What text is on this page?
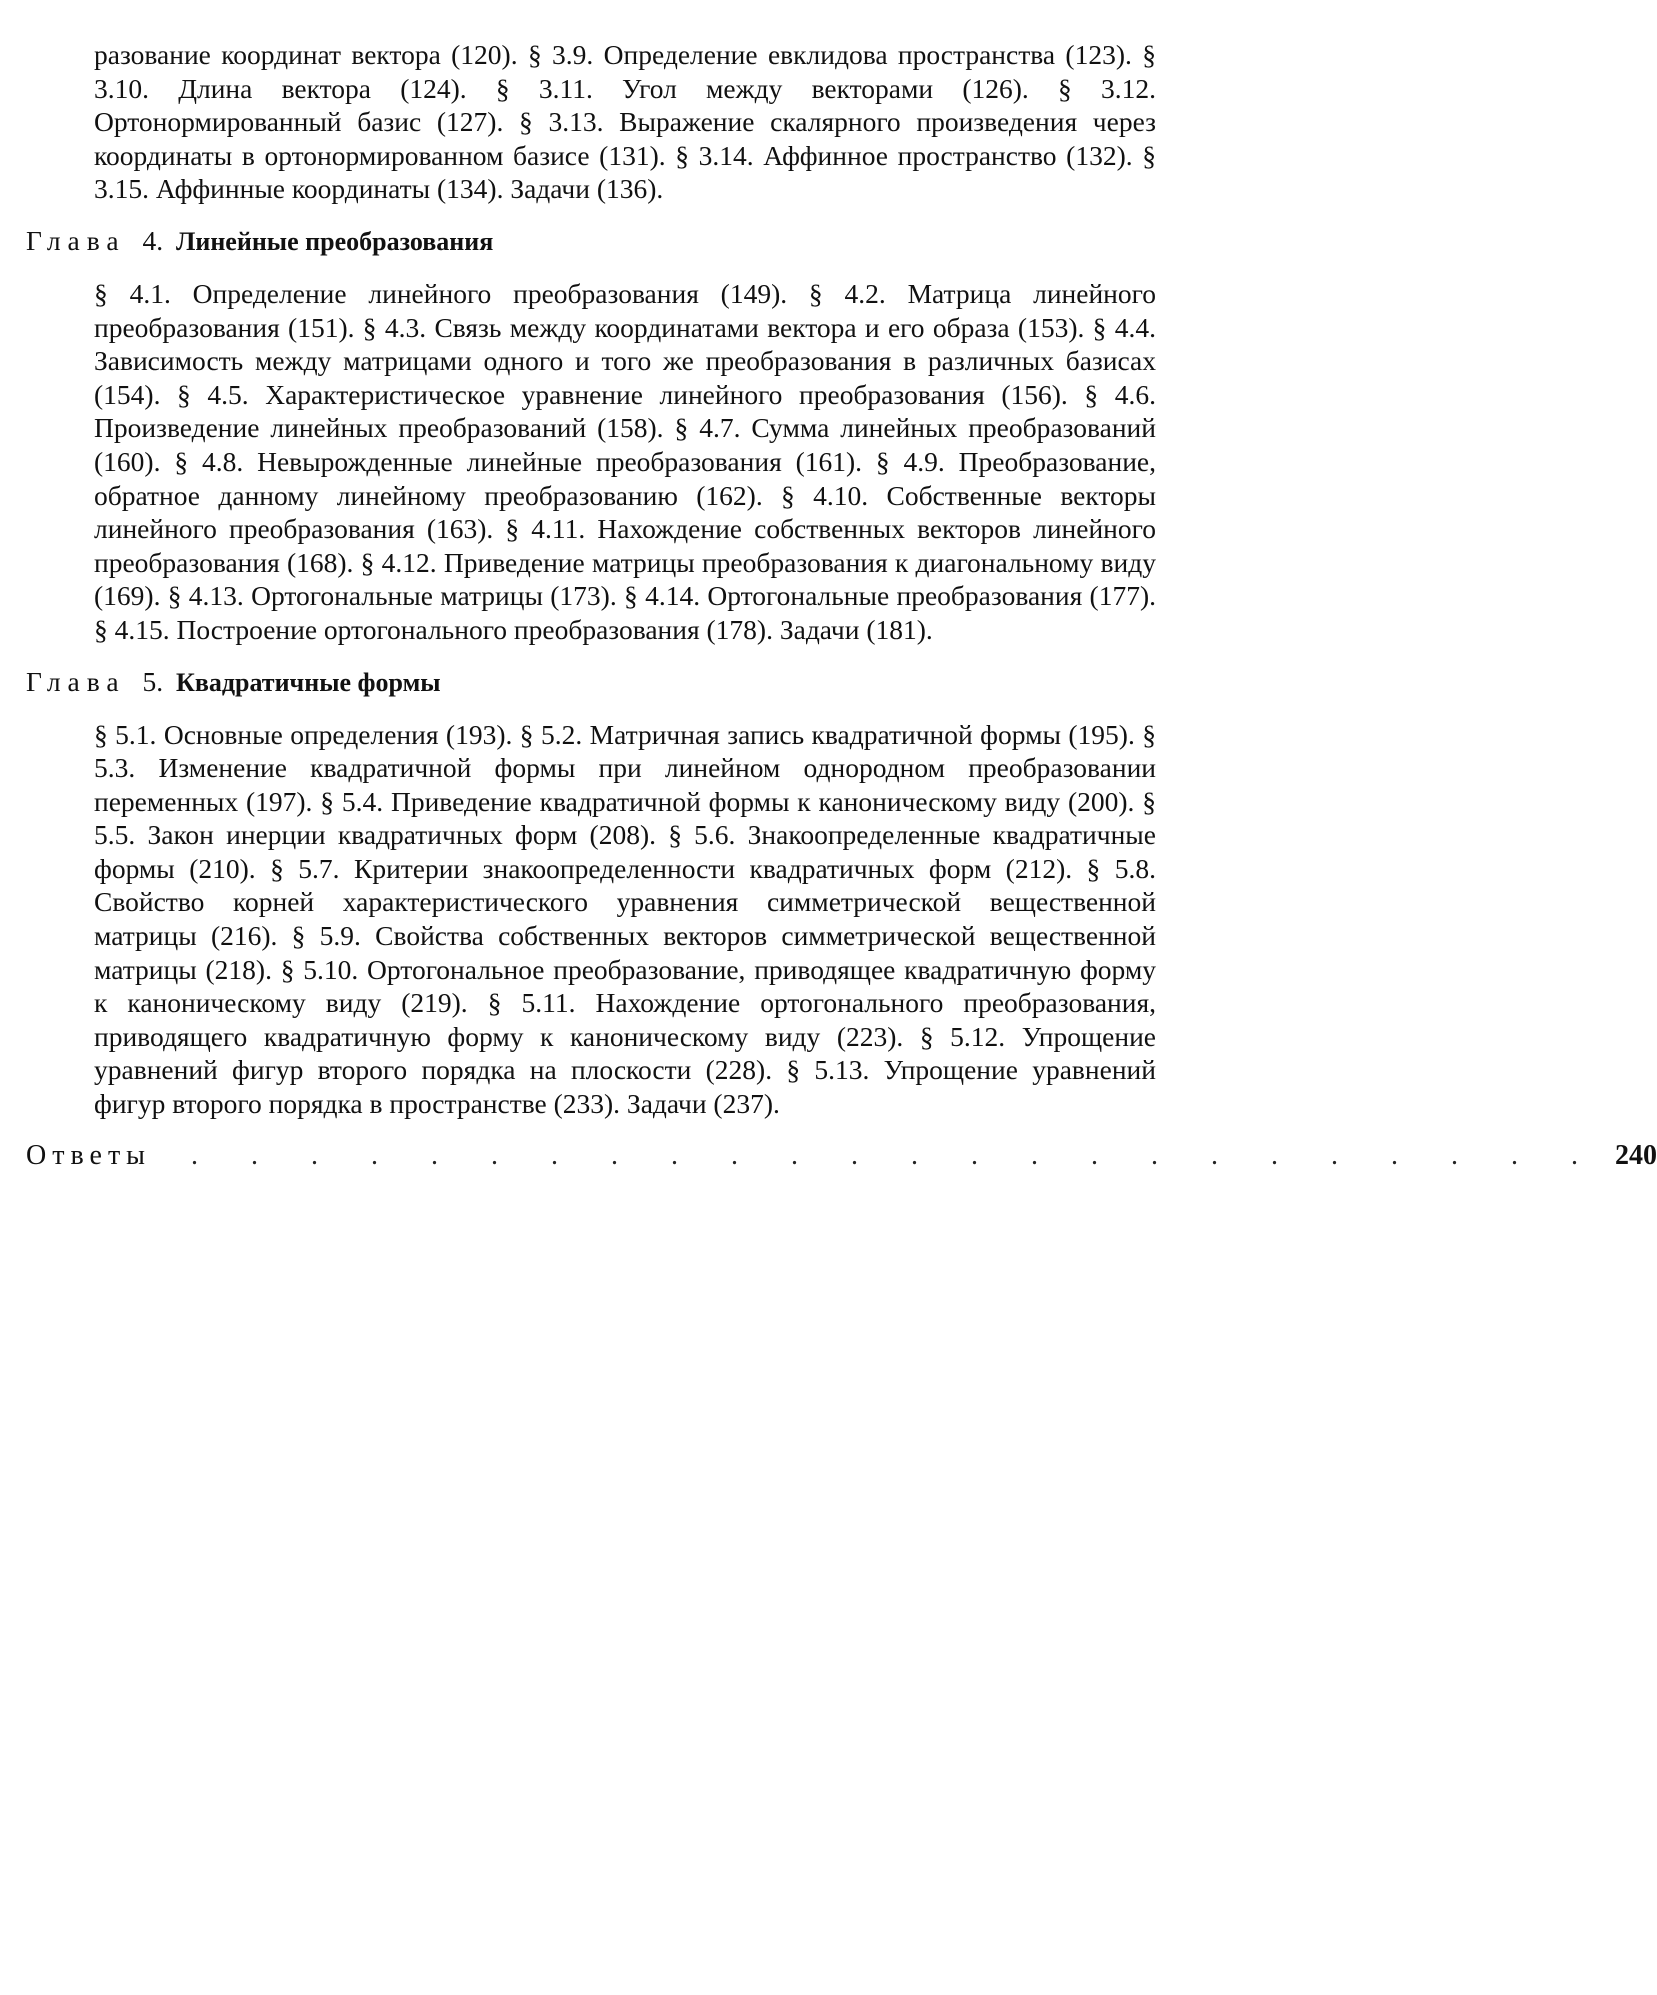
разование координат вектора (120). § 3.9. Определение евклидова пространства (123). § 3.10. Длина вектора (124). § 3.11. Угол между векторами (126). § 3.12. Ортонормированный базис (127). § 3.13. Выражение скалярного произведения через координаты в ортонормированном базисе (131). § 3.14. Аффинное пространство (132). § 3.15. Аффинные координаты (134). Задачи (136).
Глава 4. Линейные преобразования
§ 4.1. Определение линейного преобразования (149). § 4.2. Матрица линейного преобразования (151). § 4.3. Связь между координатами вектора и его образа (153). § 4.4. Зависимость между матрицами одного и того же преобразования в различных базисах (154). § 4.5. Характеристическое уравнение линейного преобразования (156). § 4.6. Произведение линейных преобразований (158). § 4.7. Сумма линейных преобразований (160). § 4.8. Невырожденные линейные преобразования (161). § 4.9. Преобразование, обратное данному линейному преобразованию (162). § 4.10. Собственные векторы линейного преобразования (163). § 4.11. Нахождение собственных векторов линейного преобразования (168). § 4.12. Приведение матрицы преобразования к диагональному виду (169). § 4.13. Ортогональные матрицы (173). § 4.14. Ортогональные преобразования (177). § 4.15. Построение ортогонального преобразования (178). Задачи (181).
Глава 5. Квадратичные формы
§ 5.1. Основные определения (193). § 5.2. Матричная запись квадратичной формы (195). § 5.3. Изменение квадратичной формы при линейном однородном преобразовании переменных (197). § 5.4. Приведение квадратичной формы к каноническому виду (200). § 5.5. Закон инерции квадратичных форм (208). § 5.6. Знакоопределенные квадратичные формы (210). § 5.7. Критерии знакоопределенности квадратичных форм (212). § 5.8. Свойство корней характеристического уравнения симметрической вещественной матрицы (216). § 5.9. Свойства собственных векторов симметрической вещественной матрицы (218). § 5.10. Ортогональное преобразование, приводящее квадратичную форму к каноническому виду (219). § 5.11. Нахождение ортогонального преобразования, приводящего квадратичную форму к каноническому виду (223). § 5.12. Упрощение уравнений фигур второго порядка на плоскости (228). § 5.13. Упрощение уравнений фигур второго порядка в пространстве (233). Задачи (237).
Ответы . . . . . . . . . . . . . . . . . . . . . . . . 240
